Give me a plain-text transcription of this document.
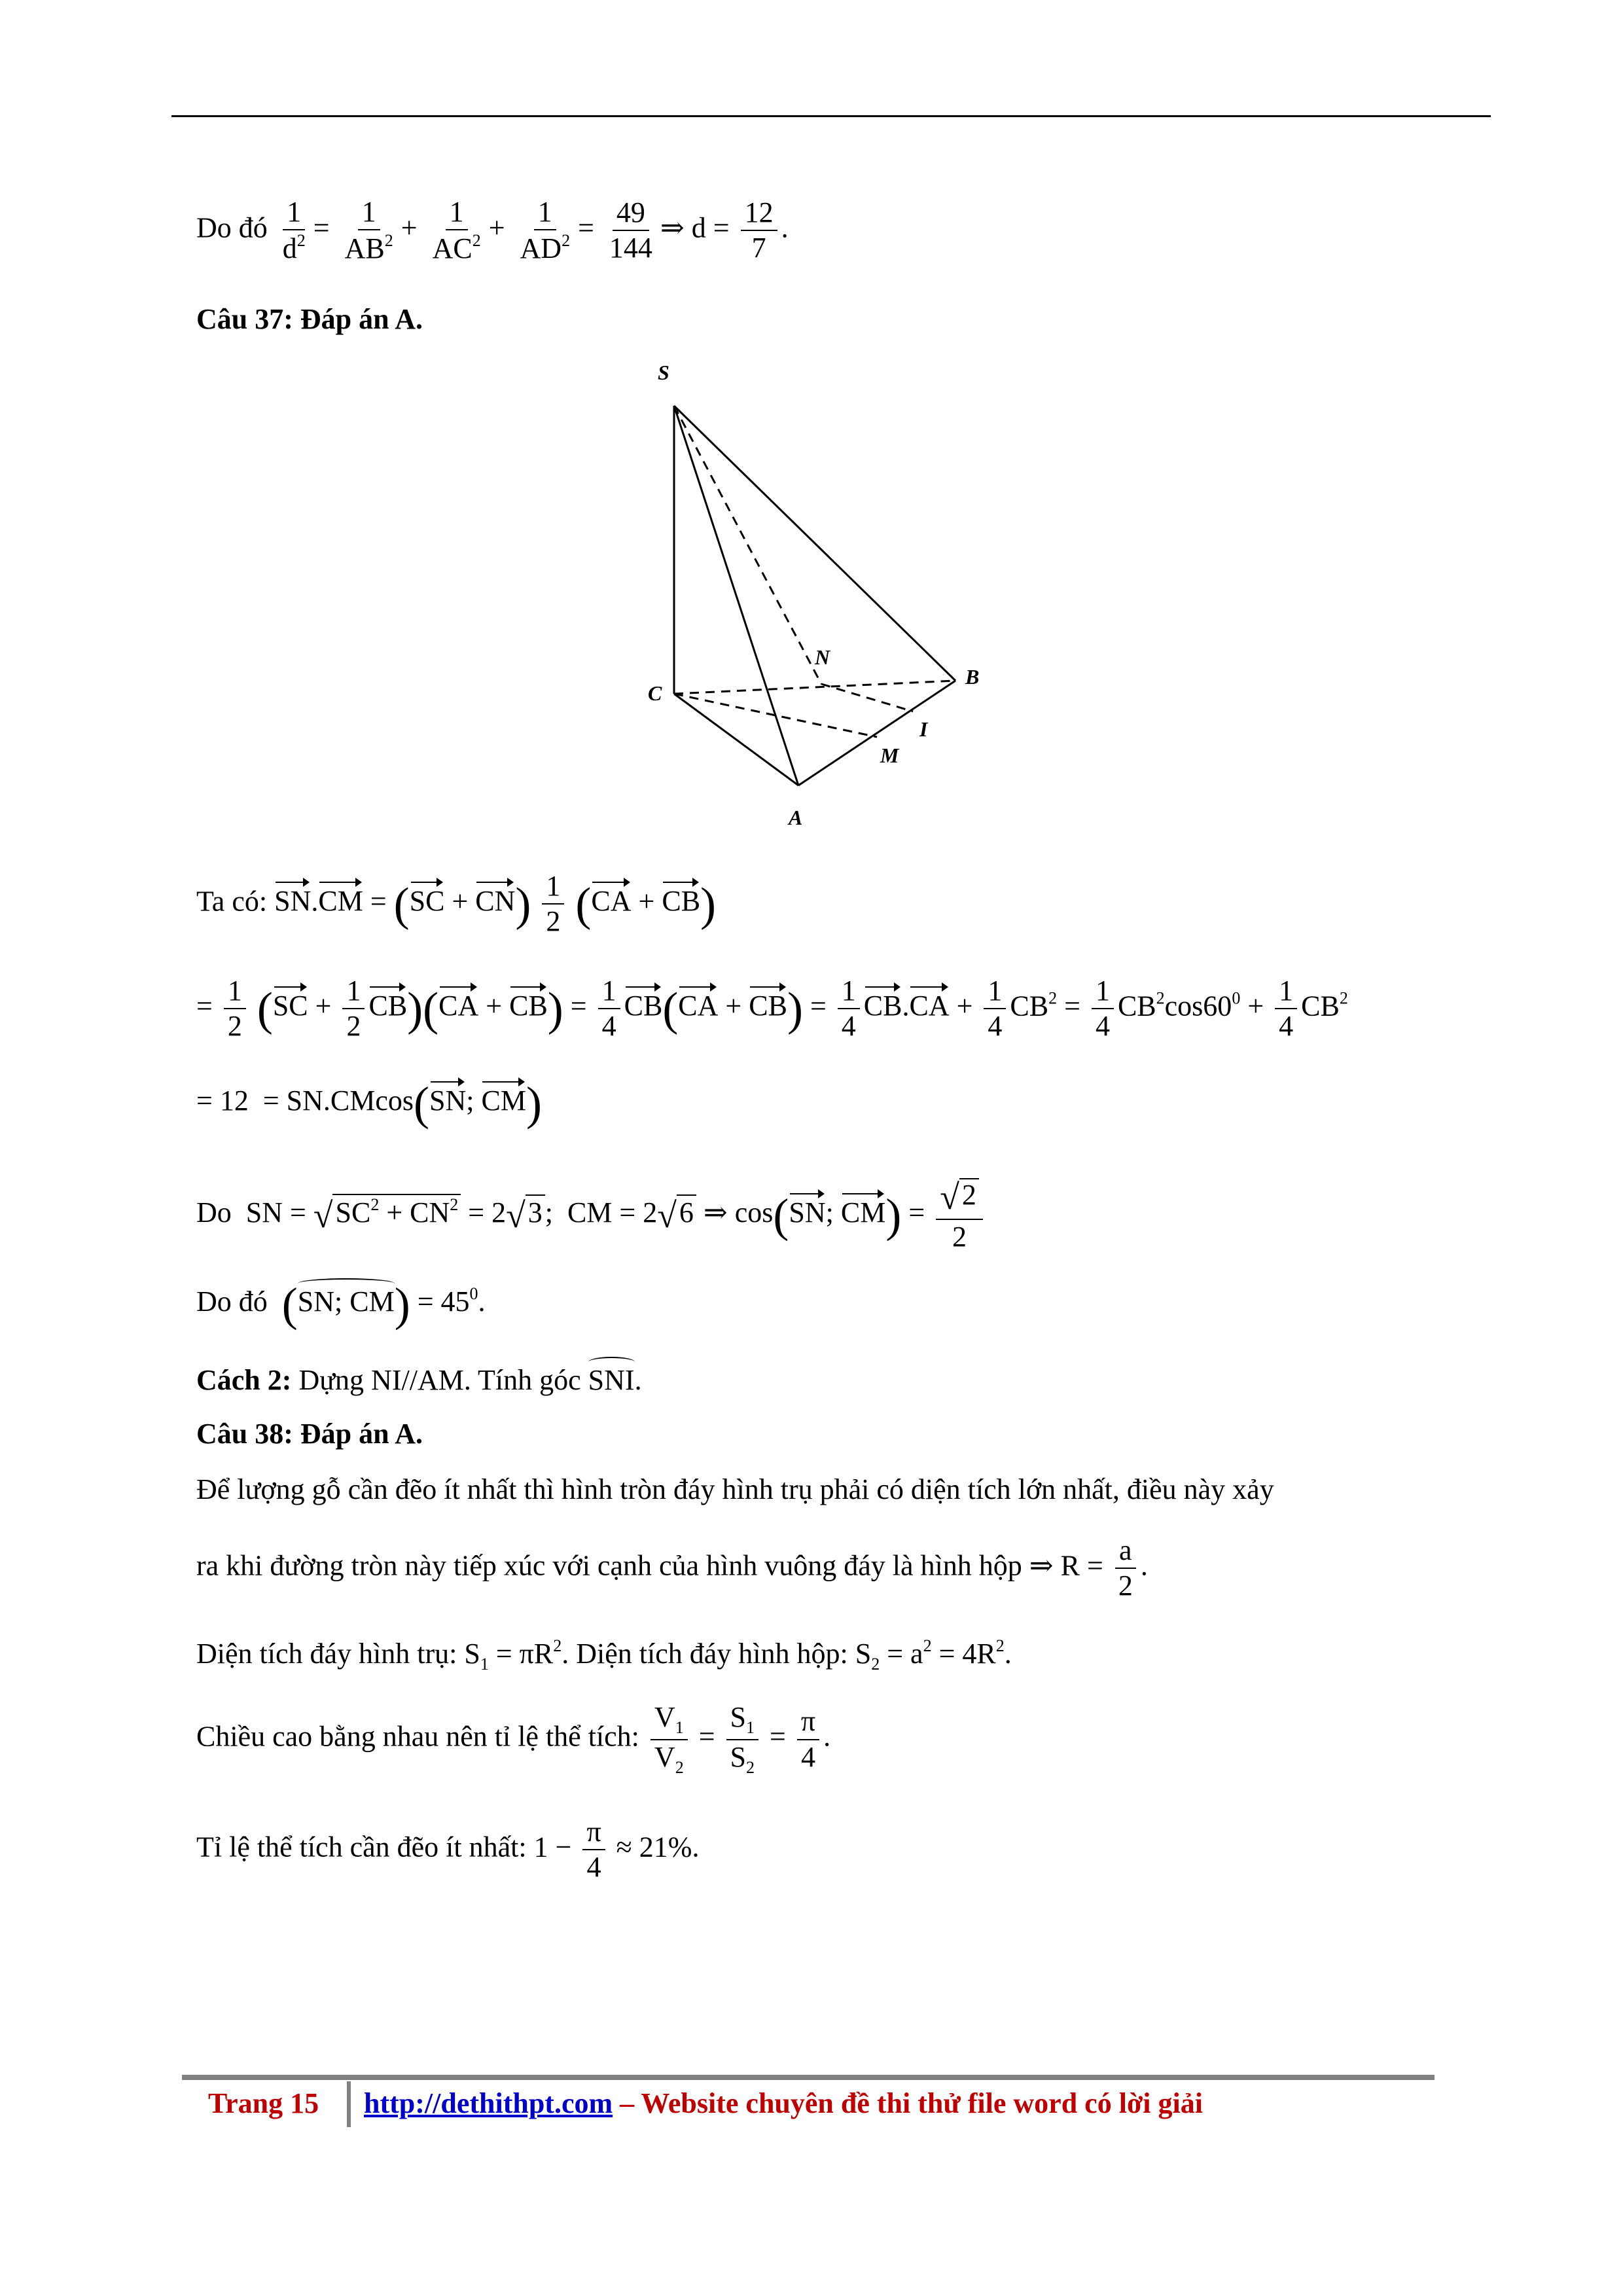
Do đó $\frac{1}{d^2} = \frac{1}{AB^2} + \frac{1}{AC^2} + \frac{1}{AD^2} = \frac{49}{144}$ ⇒ $d = \frac{12}{7}$ .
Câu 37: Đáp án A.
S
C
N
B
I
M
A
Ta có: $SN.CM = (SC + CN) \frac{1}{2} (CA + CB)$
= $\frac{1}{2} (SC + \frac{1}{2} CB)(CA + CB) = \frac{1}{4} CB(CA + CB) = \frac{1}{4} CB.CA + \frac{1}{4} CB^2 = \frac{1}{4} CB^2\cos 60^0 + \frac{1}{4} CB^2$
= 12 = SN.CMcos(SN; CM)
Do SN = $√SC^2 + CN^2 = 2√3$;  CM = 2√6 ⇒ cos(SN; $CM) = \frac{√2}{2}$
Do đó (SN; $CM) = 45^0$.
Cách 2: Dựng NI//AM. Tính góc SNI.
Câu 38: Đáp án A.
Để lượng gỗ cần đẽo ít nhất thì hình tròn đáy hình trụ phải có diện tích lớn nhất, điều này xảy
ra khi đường tròn này tiếp xúc với cạnh của hình vuông đáy là hình hộp ⇒ $R = \frac{a}{2}$ .
Diện tích đáy hình trụ: $S_1 = \pi R^2$. Diện tích đáy hình hộp: $S_2 = a^2 = 4R^2$.
Chiều cao bằng nhau nên tỉ lệ thể tích: $\frac{V_1}{V_2} = \frac{S_1}{S_2} = \frac{\pi}{4}$ .
Tỉ lệ thể tích cần đẽo ít nhất: $1 - \frac{\pi}{4} \approx 21\%$.
Trang 15 http://dethithpt.com – Website chuyên đề thi thử file word có lời giải
